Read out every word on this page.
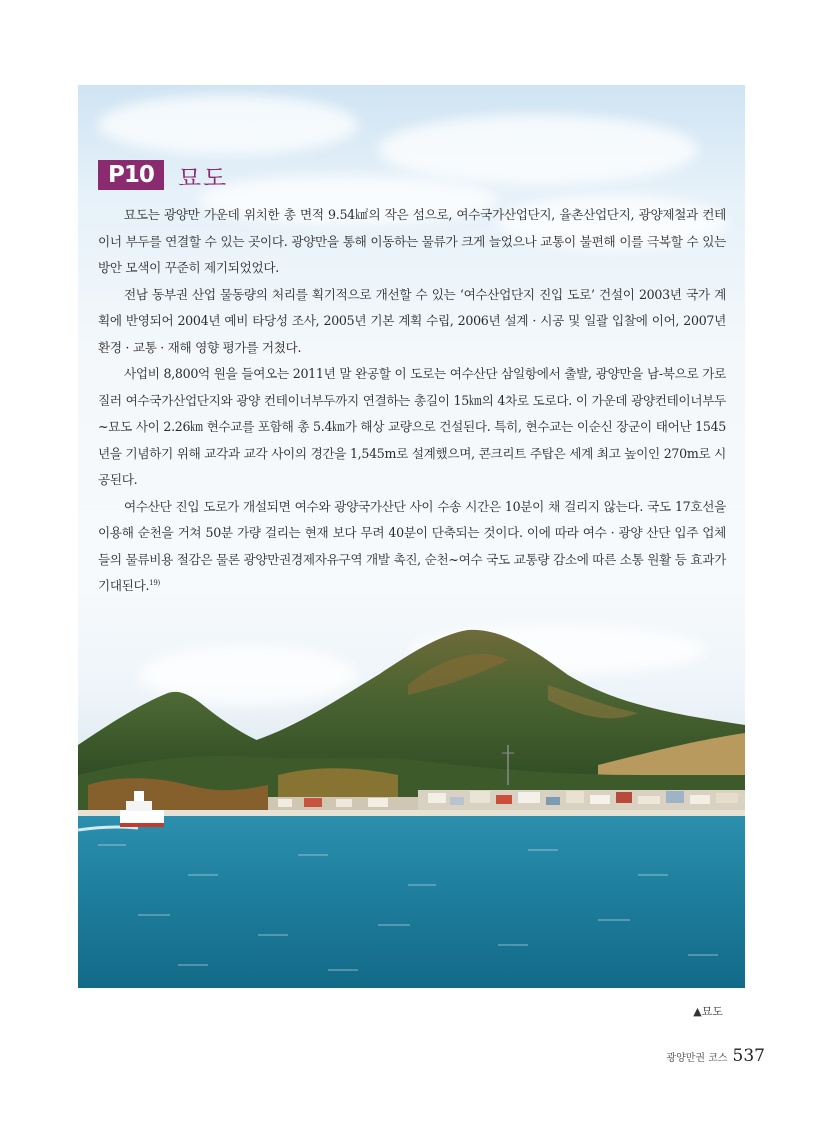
P10	묘도

묘도는 광양만 가운데 위치한 총 면적 9.54㎢의 작은 섬으로, 여수국가산업단지, 율촌산업단지, 광양제철과 컨테이너 부두를 연결할 수 있는 곳이다. 광양만을 통해 이동하는 물류가 크게 늘었으나 교통이 불편해 이를 극복할 수 있는 방안 모색이 꾸준히 제기되었었다.

전남 동부권 산업 물동량의 처리를 획기적으로 개선할 수 있는 ‘여수산업단지 진입 도로’ 건설이 2003년 국가 계획에 반영되어 2004년 예비 타당성 조사, 2005년 기본 계획 수립, 2006년 설계 · 시공 및 일괄 입찰에 이어, 2007년 환경 · 교통 · 재해 영향 평가를 거쳤다.

사업비 8,800억 원을 들여오는 2011년 말 완공할 이 도로는 여수산단 삼일항에서 출발, 광양만을 남-북으로 가로 질러 여수국가산업단지와 광양 컨테이너부두까지 연결하는 총길이 15㎞의 4차로 도로다. 이 가운데 광양컨테이너부두~묘도 사이 2.26㎞ 현수교를 포함해 총 5.4㎞가 해상 교량으로 건설된다. 특히, 현수교는 이순신 장군이 태어난 1545년을 기념하기 위해 교각과 교각 사이의 경간을 1,545m로 설계했으며, 콘크리트 주탑은 세계 최고 높이인 270m로 시공된다.

여수산단 진입 도로가 개설되면 여수와 광양국가산단 사이 수송 시간은 10분이 채 걸리지 않는다. 국도 17호선을 이용해 순천을 거쳐 50분 가량 걸리는 현재 보다 무려 40분이 단축되는 것이다. 이에 따라 여수 · 광양 산단 입주 업체들의 물류비용 절감은 물론 광양만권경제자유구역 개발 촉진, 순천~여수 국도 교통량 감소에 따른 소통 원활 등 효과가 기대된다.$^{19)}$

▲묘도
광양만권 코스 537
